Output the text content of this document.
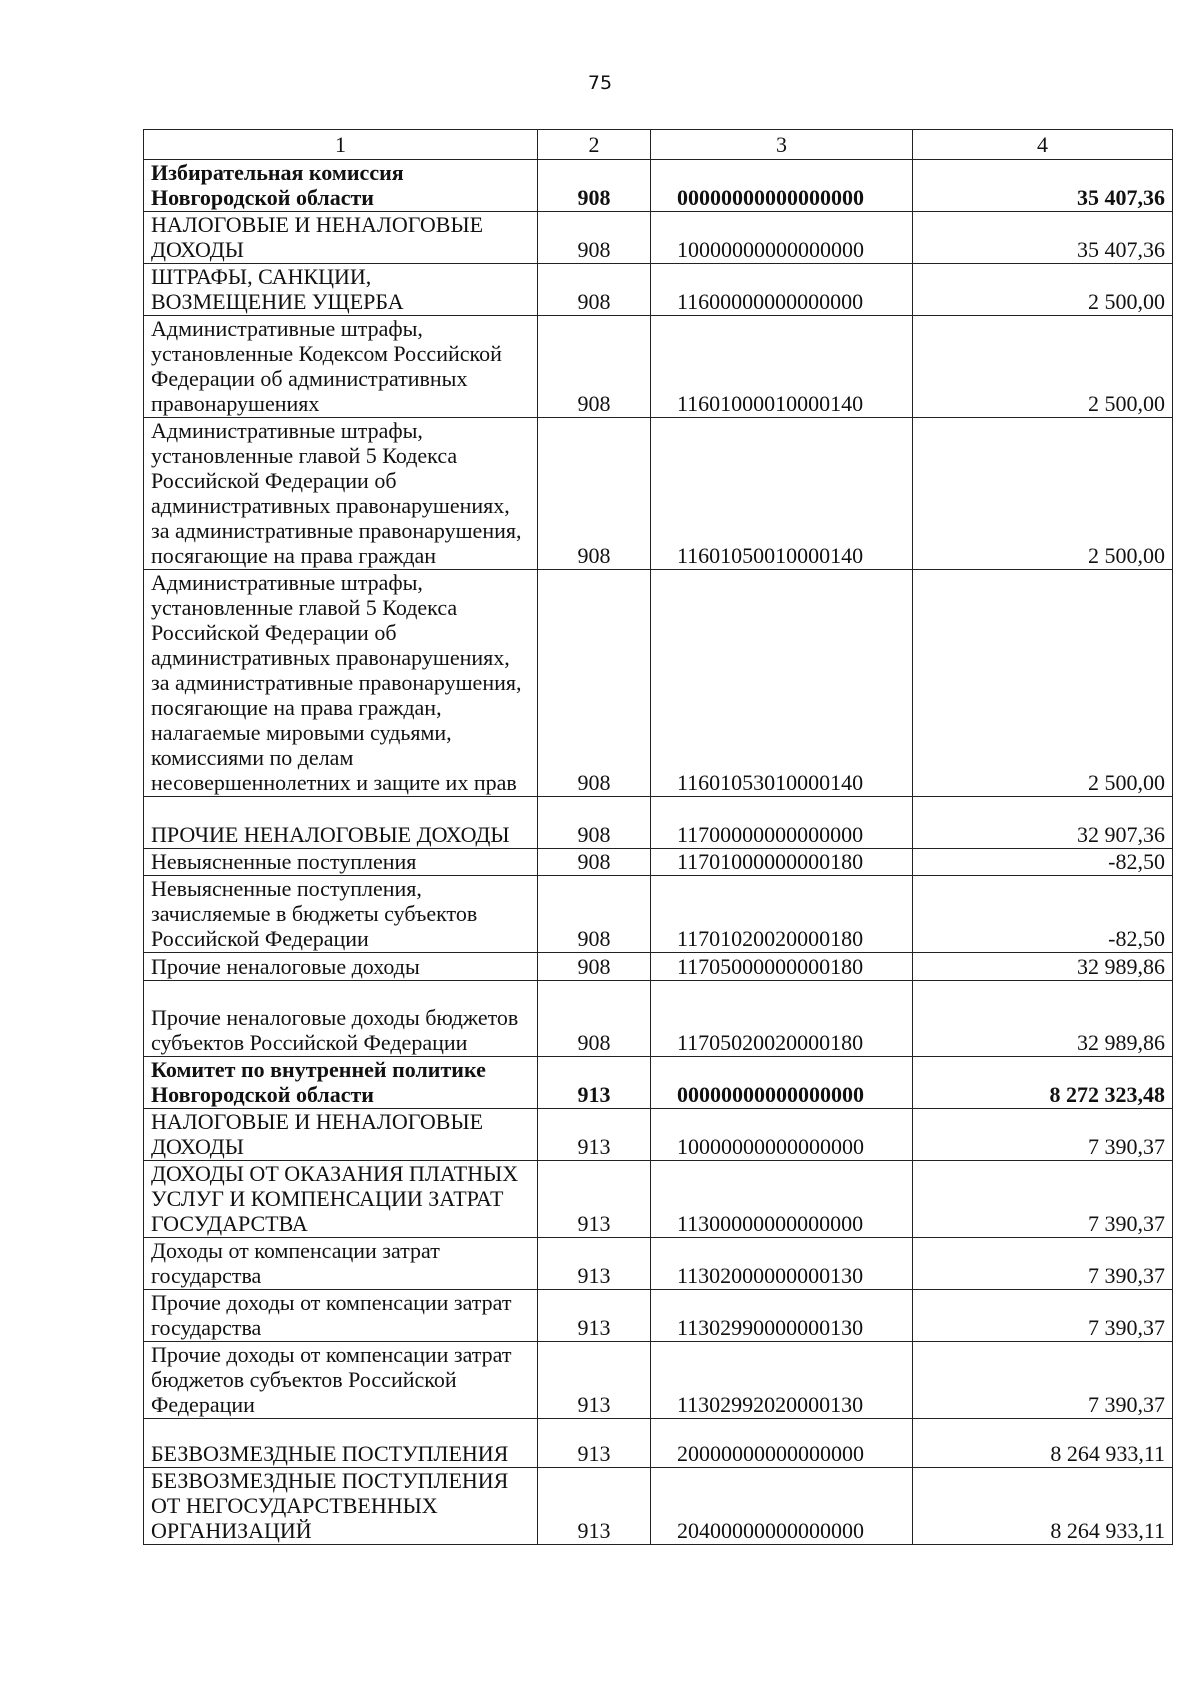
75
1	2	3	4
Избирательная комиссия Новгородской области	908	00000000000000000	35 407,36
НАЛОГОВЫЕ И НЕНАЛОГОВЫЕ ДОХОДЫ	908	10000000000000000	35 407,36
ШТРАФЫ, САНКЦИИ, ВОЗМЕЩЕНИЕ УЩЕРБА	908	11600000000000000	2 500,00
Административные штрафы, установленные Кодексом Российской Федерации об административных правонарушениях	908	11601000010000140	2 500,00
Административные штрафы, установленные главой 5 Кодекса Российской Федерации об административных правонарушениях, за административные правонарушения, посягающие на права граждан	908	11601050010000140	2 500,00
Административные штрафы, установленные главой 5 Кодекса Российской Федерации об административных правонарушениях, за административные правонарушения, посягающие на права граждан, налагаемые мировыми судьями, комиссиями по делам несовершеннолетних и защите их прав	908	11601053010000140	2 500,00
ПРОЧИЕ НЕНАЛОГОВЫЕ ДОХОДЫ	908	11700000000000000	32 907,36
Невыясненные поступления	908	11701000000000180	-82,50
Невыясненные поступления, зачисляемые в бюджеты субъектов Российской Федерации	908	11701020020000180	-82,50
Прочие неналоговые доходы	908	11705000000000180	32 989,86
Прочие неналоговые доходы бюджетов субъектов Российской Федерации	908	11705020020000180	32 989,86
Комитет по внутренней политике Новгородской области	913	00000000000000000	8 272 323,48
НАЛОГОВЫЕ И НЕНАЛОГОВЫЕ ДОХОДЫ	913	10000000000000000	7 390,37
ДОХОДЫ ОТ ОКАЗАНИЯ ПЛАТНЫХ УСЛУГ И КОМПЕНСАЦИИ ЗАТРАТ ГОСУДАРСТВА	913	11300000000000000	7 390,37
Доходы от компенсации затрат государства	913	11302000000000130	7 390,37
Прочие доходы от компенсации затрат государства	913	11302990000000130	7 390,37
Прочие доходы от компенсации затрат бюджетов субъектов Российской Федерации	913	11302992020000130	7 390,37
БЕЗВОЗМЕЗДНЫЕ ПОСТУПЛЕНИЯ	913	20000000000000000	8 264 933,11
БЕЗВОЗМЕЗДНЫЕ ПОСТУПЛЕНИЯ ОТ НЕГОСУДАРСТВЕННЫХ ОРГАНИЗАЦИЙ	913	20400000000000000	8 264 933,11
